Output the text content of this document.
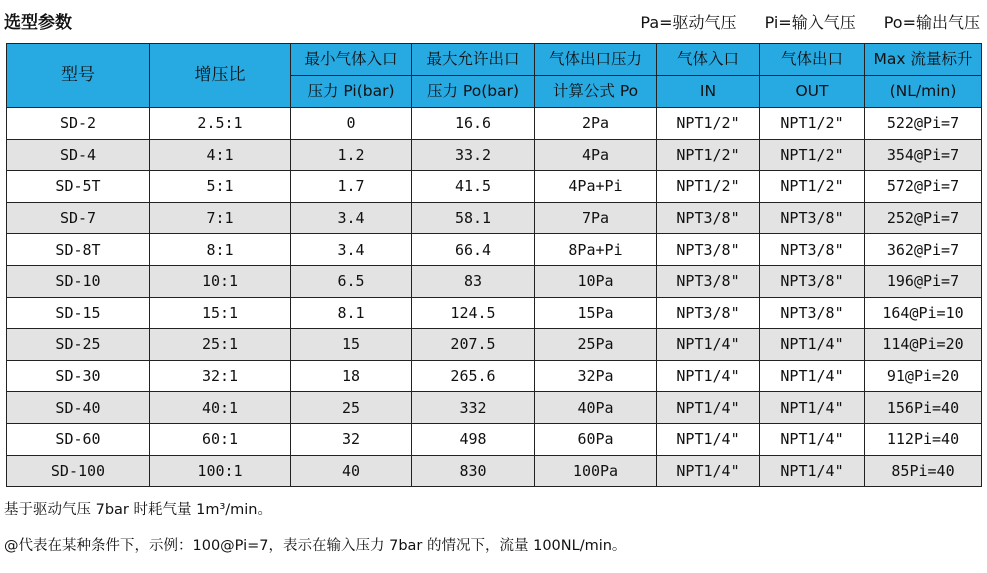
选型参数	Pa=驱动气压 Pi=输入气压 Po=输出气压
型号	增压比	最小气体入口	最大允许出口	气体出口压力	气体入口	气体出口	Max 流量标升
		压力 Pi(bar)	压力 Po(bar)	计算公式 Po	IN	OUT	(NL/min)
SD-2	2.5:1	0	16.6	2Pa	NPT1/2"	NPT1/2"	522@Pi=7
SD-4	4:1	1.2	33.2	4Pa	NPT1/2"	NPT1/2"	354@Pi=7
SD-5T	5:1	1.7	41.5	4Pa+Pi	NPT1/2"	NPT1/2"	572@Pi=7
SD-7	7:1	3.4	58.1	7Pa	NPT3/8"	NPT3/8"	252@Pi=7
SD-8T	8:1	3.4	66.4	8Pa+Pi	NPT3/8"	NPT3/8"	362@Pi=7
SD-10	10:1	6.5	83	10Pa	NPT3/8"	NPT3/8"	196@Pi=7
SD-15	15:1	8.1	124.5	15Pa	NPT3/8"	NPT3/8"	164@Pi=10
SD-25	25:1	15	207.5	25Pa	NPT1/4"	NPT1/4"	114@Pi=20
SD-30	32:1	18	265.6	32Pa	NPT1/4"	NPT1/4"	91@Pi=20
SD-40	40:1	25	332	40Pa	NPT1/4"	NPT1/4"	156Pi=40
SD-60	60:1	32	498	60Pa	NPT1/4"	NPT1/4"	112Pi=40
SD-100	100:1	40	830	100Pa	NPT1/4"	NPT1/4"	85Pi=40
基于驱动气压 7bar 时耗气量 1m³/min。
@代表在某种条件下，示例：100@Pi=7，表示在输入压力 7bar 的情况下，流量 100NL/min。
